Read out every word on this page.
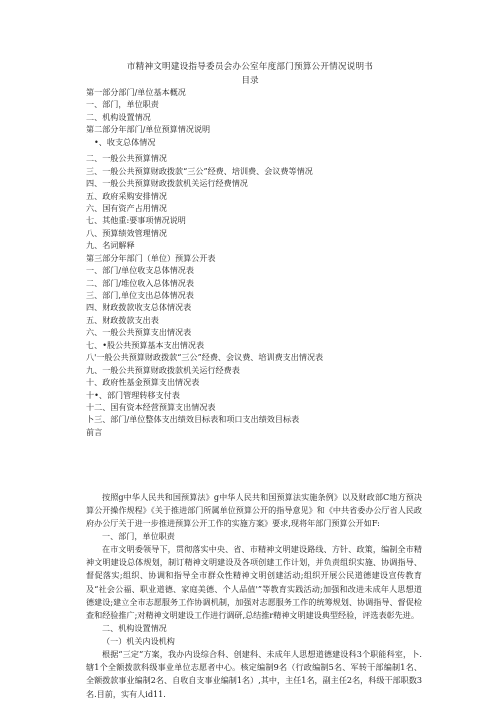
市精神文明建设指导委员会办公室年度部门预算公开情况说明书
目录
第一部分部门/单位基本概况
一、部门，单位职责
二、机构设置情况
第二部分年部门/单位预算情况说明
•、收支总体情况
二、一般公共预算情况
三、一般公共预算财政拨款“三公”经费、培训费、会议费等情况
四、一般公共预算财政拨款机关运行经费情况
五、政府采购安排情况
六、国有资产占用情况
七、其他重:要事项情况说明
八、预算绩效管理情况
九、名词解释
第三部分年部门（单位）预算公开表
一、部门/单位收支总体情况表
二、部门/堆位收入总体情况表
三、部门,单位支出总体情况表
四、财政拨款收支总体情况表
五、财政拨款支出表
六、一般公共预算支出情况表
七、•股公共预算基本支出情况表
八'一般公共预算财政拨款“三公”经费、会议费、培训费支出情况表
九、一般公共预算财政拨款机关运行经费表
十、政府性基金预算支出情况表
十•、部门管理转移支付表
十二、国有资本经营预算支出情况表
卜三、部门/单位整体支出绩效目标表和项口支出绩效目标表
前言
按照g中华人民共和国预算法》g中华人民共和国预算法实施条例》以及财政部C地方预决算公开操作规程》《关于推进部门所属单位预算公开的指导意见》和《中共省委办公厅省人民政府办公厅关于进一步推进预算公开工作的实施方案》要求,现将年部门预算公开如F:
一、部门，单位职责
在市文明委领导下，贯彻落实中央、省、市精神文明建设路线、方针、政策，编制全市精神文明建设总体规划，制订精神文明建设及各项创建工作计划，并负责组织实施、协调指导、督促落实;组织、协调和指导全市群众性精神文明创建活动;组织开展公民道德建设宣传教育及“社会公福、职业道德、家庭美德、个人品值'”等教育实践活动;加强和改进未成年人思想道德建设;建立全市志愿服务工作协调机制，加强对志愿服务工作的统筹规划、协调指导、督促检查和经验推广;对精神文明建设工作进行调研,总结推r精神文明建设典型经验，评选表彰先进。
二、机构设置情况
（一）机关内设机构
根据“三定”方案，我办内设综合科、创建科、未成年人思想道德建设科3个职能科室，卜.辖1个全额拨款科级事业单位志愿者中心。核定编制9名（行政编制5名、军转干部编制1名、全额拨款事业编制2名、自收自支事业编制1名）,其中，主任1名，副主任2名，科级干部职数3名.目前，实有人id11.
